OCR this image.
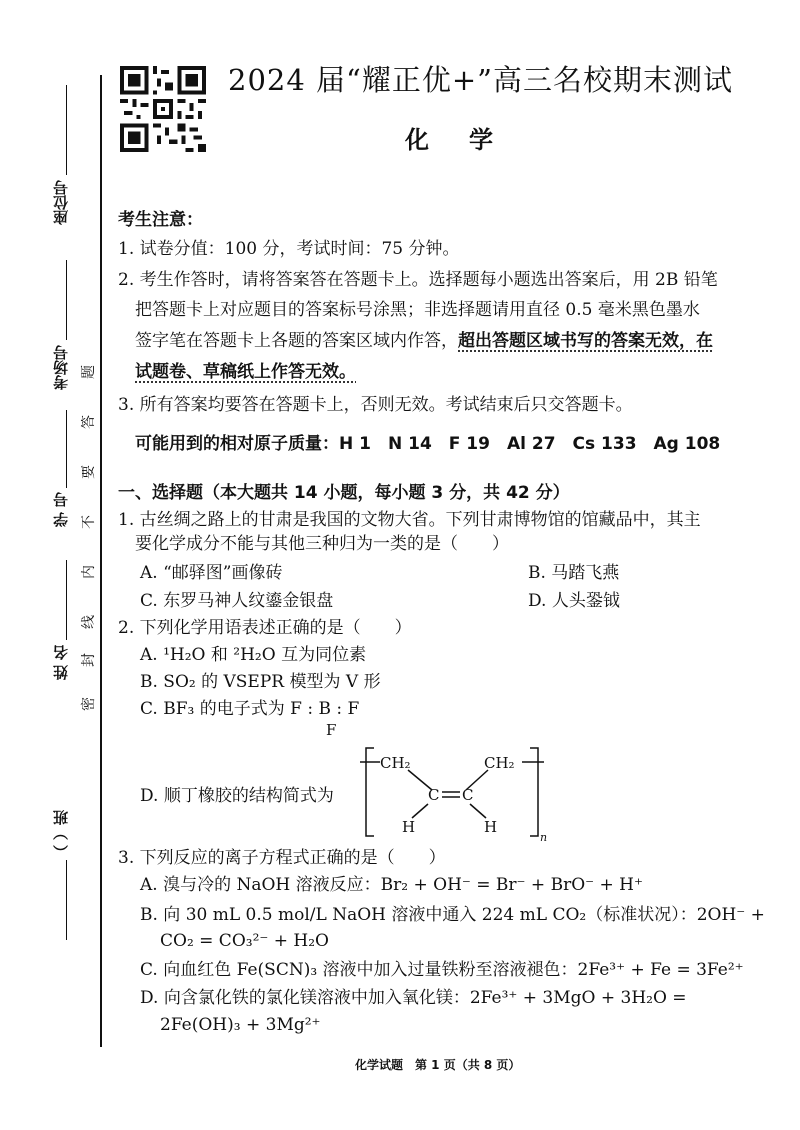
座位号
考场号
学 号
姓 名
（ ）班
题
答
要
不
内
线
封
密
2024 届“耀正优+”高三名校期末测试
化学
考生注意：
1. 试卷分值：100 分，考试时间：75 分钟。
2. 考生作答时，请将答案答在答题卡上。选择题每小题选出答案后，用 2B 铅笔
把答题卡上对应题目的答案标号涂黑；非选择题请用直径 0.5 毫米黑色墨水
签字笔在答题卡上各题的答案区域内作答，超出答题区域书写的答案无效，在
试题卷、草稿纸上作答无效。
3. 所有答案均要答在答题卡上，否则无效。考试结束后只交答题卡。
可能用到的相对原子质量：H 1　N 14　F 19　Al 27　Cs 133　Ag 108
一、选择题（本大题共 14 小题，每小题 3 分，共 42 分）
1. 古丝绸之路上的甘肃是我国的文物大省。下列甘肃博物馆的馆藏品中，其主
要化学成分不能与其他三种归为一类的是（　　）
A. “邮驿图”画像砖	B. 马踏飞燕
C. 东罗马神人纹鎏金银盘	D. 人头銎钺
2. 下列化学用语表述正确的是（　　）
A. ¹H₂O 和 ²H₂O 互为同位素
B. SO₂ 的 VSEPR 模型为 V 形
C. BF₃ 的电子式为 F : B : F
F
D. 顺丁橡胶的结构简式为
CH₂	CH₂
C C
H	H
n
3. 下列反应的离子方程式正确的是（　　）
A. 溴与冷的 NaOH 溶液反应：Br₂ + OH⁻ = Br⁻ + BrO⁻ + H⁺
B. 向 30 mL 0.5 mol/L NaOH 溶液中通入 224 mL CO₂（标准状况）：2OH⁻ +
CO₂ = CO₃²⁻ + H₂O
C. 向血红色 Fe(SCN)₃ 溶液中加入过量铁粉至溶液褪色：2Fe³⁺ + Fe = 3Fe²⁺
D. 向含氯化铁的氯化镁溶液中加入氧化镁：2Fe³⁺ + 3MgO + 3H₂O =
2Fe(OH)₃ + 3Mg²⁺
化学试题　第 1 页（共 8 页）
